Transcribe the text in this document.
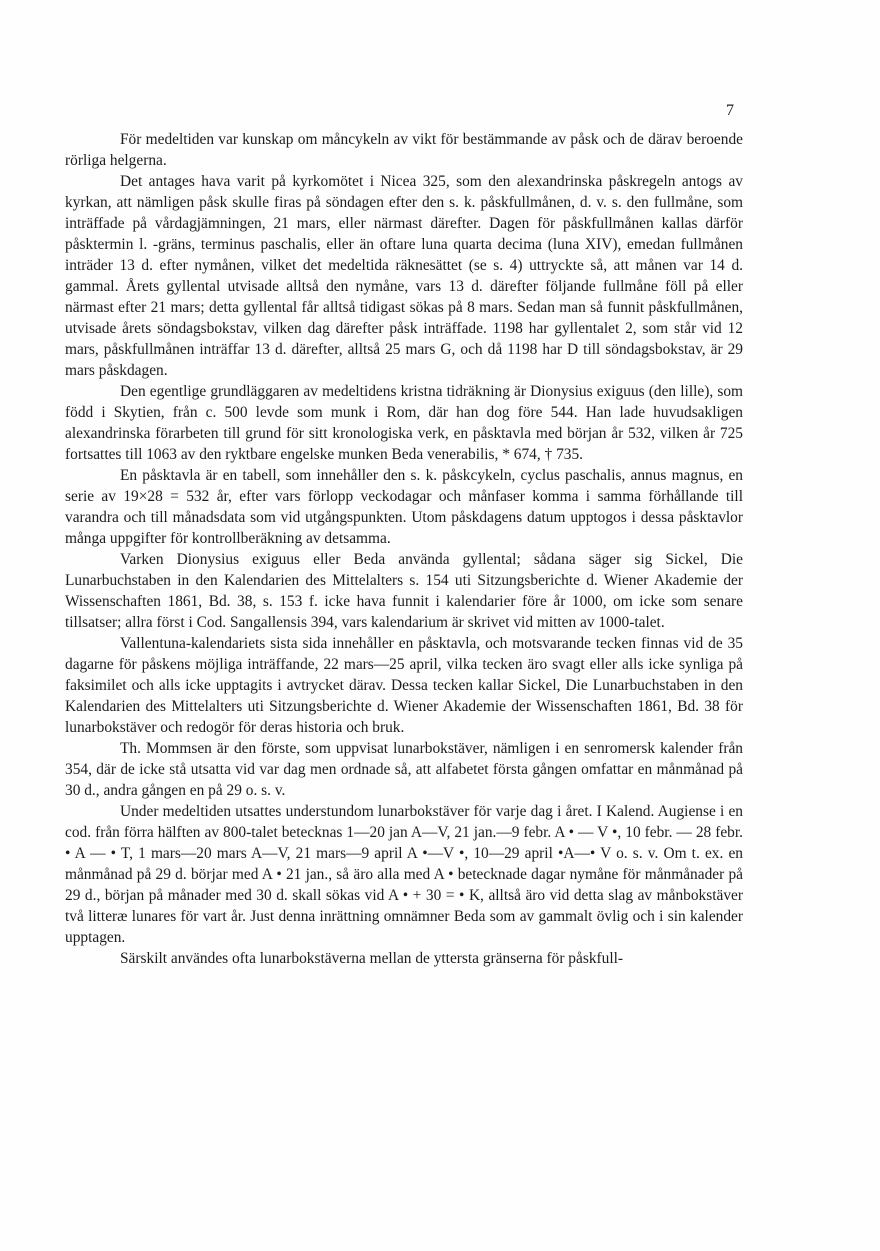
7

För medeltiden var kunskap om måncykeln av vikt för bestämmande av påsk och de därav beroende rörliga helgerna.

Det antages hava varit på kyrkomötet i Nicea 325, som den alexandrinska påskregeln antogs av kyrkan, att nämligen påsk skulle firas på söndagen efter den s. k. påskfullmånen, d. v. s. den fullmåne, som inträffade på vårdagjämningen, 21 mars, eller närmast därefter. Dagen för påskfullmånen kallas därför påsktermin l. -gräns, terminus paschalis, eller än oftare luna quarta decima (luna XIV), emedan fullmånen inträder 13 d. efter nymånen, vilket det medeltida räknesättet (se s. 4) uttryckte så, att månen var 14 d. gammal. Årets gyllental utvisade alltså den nymåne, vars 13 d. därefter följande fullmåne föll på eller närmast efter 21 mars; detta gyllental får alltså tidigast sökas på 8 mars. Sedan man så funnit påskfullmånen, utvisade årets söndagsbokstav, vilken dag därefter påsk inträffade. 1198 har gyllentalet 2, som står vid 12 mars, påskfullmånen inträffar 13 d. därefter, alltså 25 mars G, och då 1198 har D till söndagsbokstav, är 29 mars påskdagen.

Den egentlige grundläggaren av medeltidens kristna tidräkning är Dionysius exiguus (den lille), som född i Skytien, från c. 500 levde som munk i Rom, där han dog före 544. Han lade huvudsakligen alexandrinska förarbeten till grund för sitt kronologiska verk, en påsktavla med början år 532, vilken år 725 fortsattes till 1063 av den ryktbare engelske munken Beda venerabilis, * 674, † 735.

En påsktavla är en tabell, som innehåller den s. k. påskcykeln, cyclus paschalis, annus magnus, en serie av 19×28 = 532 år, efter vars förlopp veckodagar och månfaser komma i samma förhållande till varandra och till månadsdata som vid utgångspunkten. Utom påskdagens datum upptogos i dessa påsktavlor många uppgifter för kontrollberäkning av detsamma.

Varken Dionysius exiguus eller Beda använda gyllental; sådana säger sig Sickel, Die Lunarbuchstaben in den Kalendarien des Mittelalters s. 154 uti Sitzungsberichte d. Wiener Akademie der Wissenschaften 1861, Bd. 38, s. 153 f. icke hava funnit i kalendarier före år 1000, om icke som senare tillsatser; allra först i Cod. Sangallensis 394, vars kalendarium är skrivet vid mitten av 1000-talet.

Vallentuna-kalendariets sista sida innehåller en påsktavla, och motsvarande tecken finnas vid de 35 dagarne för påskens möjliga inträffande, 22 mars—25 april, vilka tecken äro svagt eller alls icke synliga på faksimilet och alls icke upptagits i avtrycket därav. Dessa tecken kallar Sickel, Die Lunarbuchstaben in den Kalendarien des Mittelalters uti Sitzungsberichte d. Wiener Akademie der Wissenschaften 1861, Bd. 38 för lunarbokstäver och redogör för deras historia och bruk.

Th. Mommsen är den förste, som uppvisat lunarbokstäver, nämligen i en senromersk kalender från 354, där de icke stå utsatta vid var dag men ordnade så, att alfabetet första gången omfattar en månmånad på 30 d., andra gången en på 29 o. s. v.

Under medeltiden utsattes understundom lunarbokstäver för varje dag i året. I Kalend. Augiense i en cod. från förra hälften av 800-talet betecknas 1—20 jan A—V, 21 jan.—9 febr. A • — V •, 10 febr. — 28 febr. • A — • T, 1 mars—20 mars A—V, 21 mars—9 april A •—V •, 10—29 april •A—• V o. s. v. Om t. ex. en månmånad på 29 d. börjar med A • 21 jan., så äro alla med A • betecknade dagar nymåne för månmånader på 29 d., början på månader med 30 d. skall sökas vid A • + 30 = • K, alltså äro vid detta slag av månbokstäver två litteræ lunares för vart år. Just denna inrättning omnämner Beda som av gammalt övlig och i sin kalender upptagen.

Särskilt användes ofta lunarbokstäverna mellan de yttersta gränserna för påskfull-
